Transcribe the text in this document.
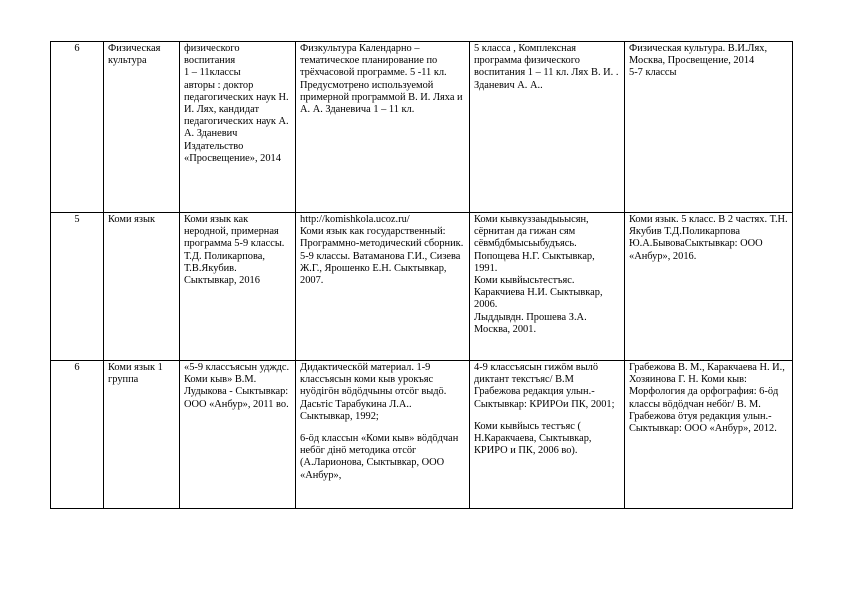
6	Физическая культура	физического воспитания
1 – 11классы
авторы : доктор педагогических наук Н. И. Лях, кандидат педагогических наук А. А. Зданевич
Издательство «Просвещение», 2014	Физкультура Календарно – тематическое планирование по трёхчасовой программе. 5 -11 кл. Предусмотрено используемой примерной программой В. И. Ляха и А. А. Зданевича 1 – 11 кл.	5 класса , Комплексная программа физического воспитания 1 – 11 кл. Лях В. И. . Зданевич А. А..	Физическая культура. В.И.Лях, Москва, Просвещение, 2014
5-7 классы

5	Коми язык	Коми язык как неродной, примерная программа 5-9 классы. Т.Д. Поликарпова, Т.В.Якубив. Сыктывкар, 2016	http://komishkola.ucoz.ru/
Коми язык как государственный: Программно-методический сборник. 5-9 классы. Ватаманова Г.И., Сизева Ж.Г., Ярошенко Е.Н. Сыктывкар, 2007.	Коми кывкуззаыдыьысян, сёрнитан да гижан сям сёвмбдбмысьыбудъясь. Попощева Н.Г. Сыктывкар, 1991.
Коми кывйысьтестъяс. Каракчиева Н.И. Сыктывкар, 2006.
Лыддывдн. Прошева З.А. Москва, 2001.	Коми язык. 5 класс. В 2 частях. Т.Н. Якубив Т.Д.Поликарпова Ю.А.БывоваСыктывкар: ООО «Анбур», 2016.

6	Коми язык 1 группа	«5-9 классъясын удждс. Коми кыв» В.М. Лудыкова - Сыктывкар: ООО «Анбур», 2011 во.	Дидактическӧй материал. 1-9 классъясын коми кыв урокъяс нуӧдігӧн вӧдӧдчыны отсӧг выдӧ. Дасьтіс Тарабукина Л.А.. Сыктывкар, 1992;
6-ӧд классын «Коми кыв» вӧдӧдчан небӧг дінӧ методика отсӧг (А.Ларионова, Сыктывкар, ООО «Анбур»,	4-9 классъясын гижӧм вылӧ диктант текстъяс/ В.М Грабежова редакция улын.- Сыктывкар: КРИРОи ПК, 2001;
Коми кывйысь тестъяс ( Н.Каракчаева, Сыктывкар, КРИРО и ПК, 2006 во).	Грабежова В. М., Каракчаева Н. И., Хозяинова Г. Н. Коми кыв: Морфология да орфография: 6-ӧд классы вӧдӧдчан небӧг/ В. М. Грабежова ӧтуя редакция улын.- Сыктывкар: ООО «Анбур», 2012.
